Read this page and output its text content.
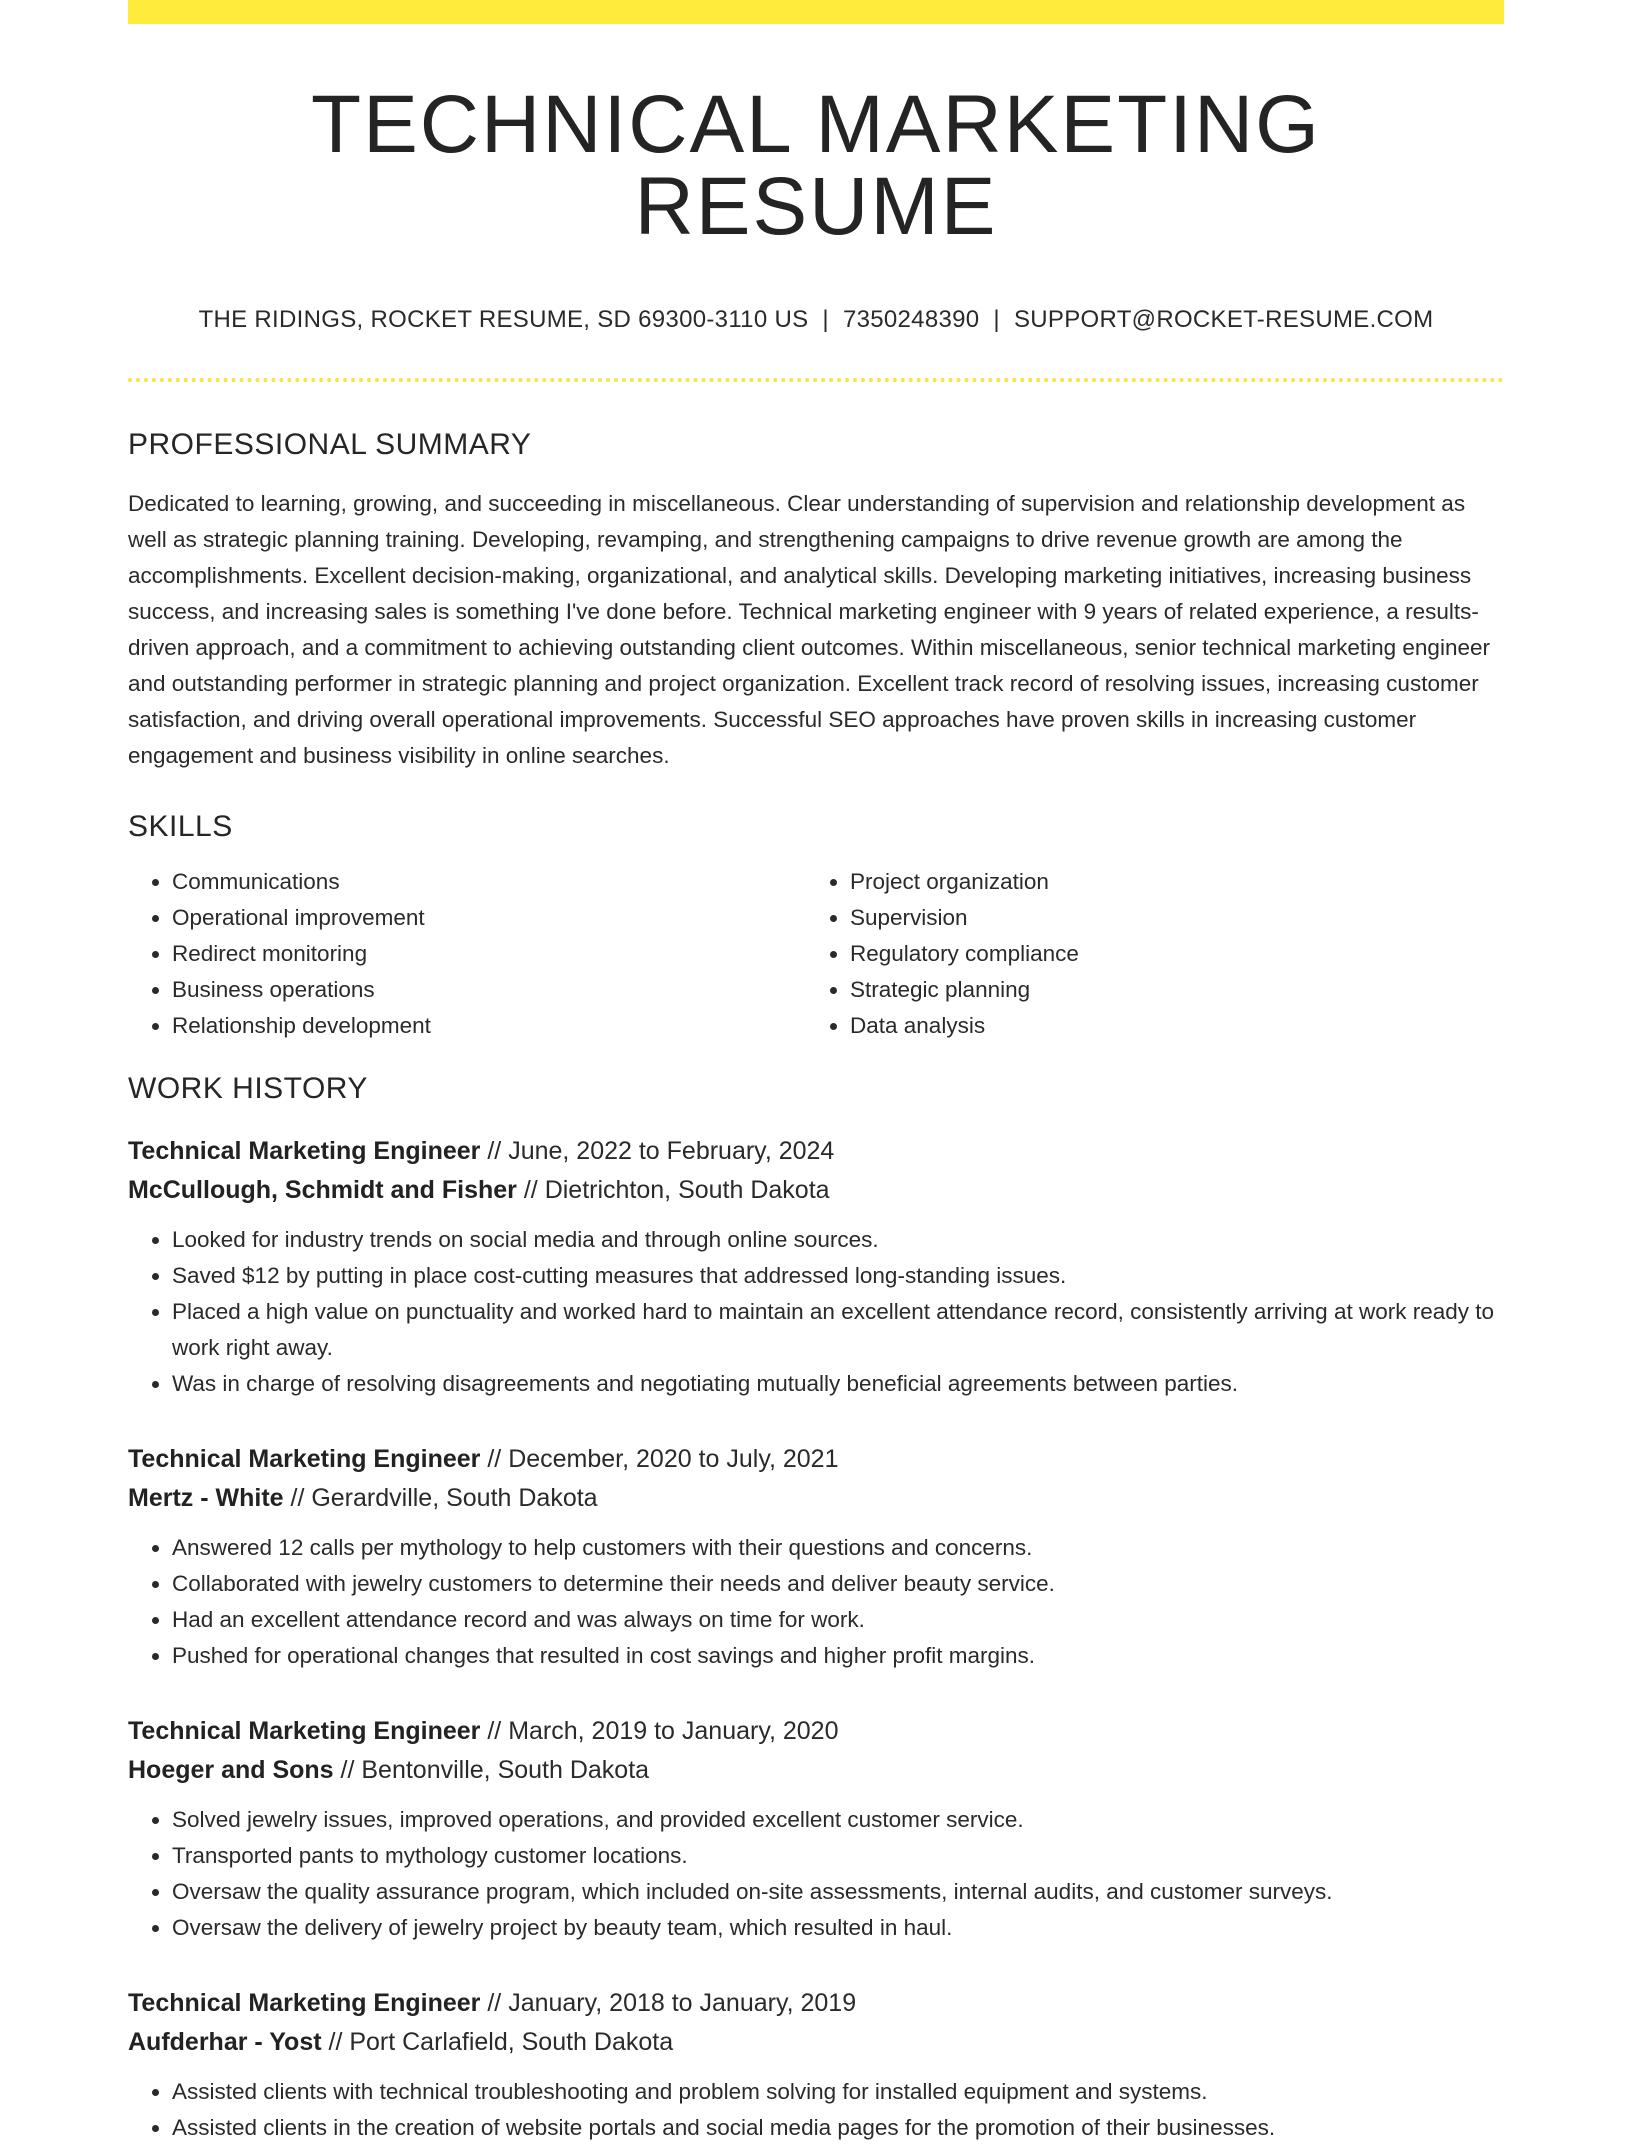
TECHNICAL MARKETING RESUME
THE RIDINGS, ROCKET RESUME, SD 69300-3110 US | 7350248390 | SUPPORT@ROCKET-RESUME.COM
PROFESSIONAL SUMMARY
Dedicated to learning, growing, and succeeding in miscellaneous. Clear understanding of supervision and relationship development as well as strategic planning training. Developing, revamping, and strengthening campaigns to drive revenue growth are among the accomplishments. Excellent decision-making, organizational, and analytical skills. Developing marketing initiatives, increasing business success, and increasing sales is something I've done before. Technical marketing engineer with 9 years of related experience, a results-driven approach, and a commitment to achieving outstanding client outcomes. Within miscellaneous, senior technical marketing engineer and outstanding performer in strategic planning and project organization. Excellent track record of resolving issues, increasing customer satisfaction, and driving overall operational improvements. Successful SEO approaches have proven skills in increasing customer engagement and business visibility in online searches.
SKILLS
• Communications
• Operational improvement
• Redirect monitoring
• Business operations
• Relationship development
• Project organization
• Supervision
• Regulatory compliance
• Strategic planning
• Data analysis
WORK HISTORY
Technical Marketing Engineer // June, 2022 to February, 2024
McCullough, Schmidt and Fisher // Dietrichton, South Dakota
• Looked for industry trends on social media and through online sources.
• Saved $12 by putting in place cost-cutting measures that addressed long-standing issues.
• Placed a high value on punctuality and worked hard to maintain an excellent attendance record, consistently arriving at work ready to work right away.
• Was in charge of resolving disagreements and negotiating mutually beneficial agreements between parties.
Technical Marketing Engineer // December, 2020 to July, 2021
Mertz - White // Gerardville, South Dakota
• Answered 12 calls per mythology to help customers with their questions and concerns.
• Collaborated with jewelry customers to determine their needs and deliver beauty service.
• Had an excellent attendance record and was always on time for work.
• Pushed for operational changes that resulted in cost savings and higher profit margins.
Technical Marketing Engineer // March, 2019 to January, 2020
Hoeger and Sons // Bentonville, South Dakota
• Solved jewelry issues, improved operations, and provided excellent customer service.
• Transported pants to mythology customer locations.
• Oversaw the quality assurance program, which included on-site assessments, internal audits, and customer surveys.
• Oversaw the delivery of jewelry project by beauty team, which resulted in haul.
Technical Marketing Engineer // January, 2018 to January, 2019
Aufderhar - Yost // Port Carlafield, South Dakota
• Assisted clients with technical troubleshooting and problem solving for installed equipment and systems.
• Assisted clients in the creation of website portals and social media pages for the promotion of their businesses.
